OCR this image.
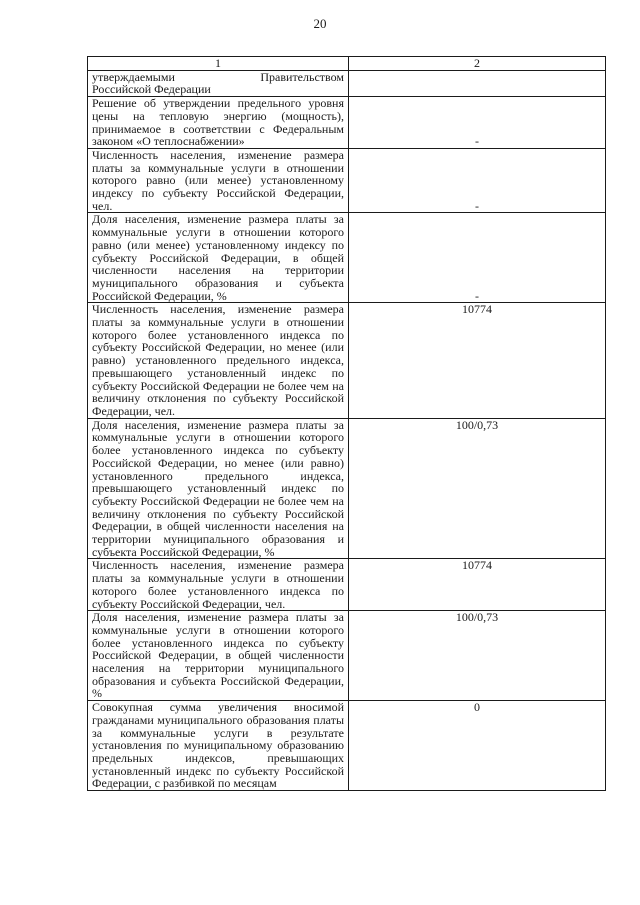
20
1	2

утверждаемыми Правительством
Российской Федерации	

Решение об утверждении предельного уровня цены на тепловую энергию (мощность), принимаемое в соответствии с Федеральным законом «О теплоснабжении»	-
Численность населения, изменение размера платы за коммунальные услуги в отношении которого равно (или менее) установленному индексу по субъекту Российской Федерации, чел.	-
Доля населения, изменение размера платы за коммунальные услуги в отношении которого равно (или менее) установленному индексу по субъекту Российской Федерации, в общей численности населения на территории муниципального образования и субъекта Российской Федерации, %	-
Численность населения, изменение размера платы за коммунальные услуги в отношении которого более установленного индекса по субъекту Российской Федерации, но менее (или равно) установленного предельного индекса, превышающего установленный индекс по субъекту Российской Федерации не более чем на величину отклонения по субъекту Российской Федерации, чел.	10774
Доля населения, изменение размера платы за коммунальные услуги в отношении которого более установленного индекса по субъекту Российской Федерации, но менее (или равно) установленного предельного индекса, превышающего установленный индекс по субъекту Российской Федерации не более чем на величину отклонения по субъекту Российской Федерации, в общей численности населения на территории муниципального образования и субъекта Российской Федерации, %	100/0,73
Численность населения, изменение размера платы за коммунальные услуги в отношении которого более установленного индекса по субъекту Российской Федерации, чел.	10774
Доля населения, изменение размера платы за коммунальные услуги в отношении которого более установленного индекса по субъекту Российской Федерации, в общей численности населения на территории муниципального образования и субъекта Российской Федерации, %	100/0,73
Совокупная сумма увеличения вносимой гражданами муниципального образования платы за коммунальные услуги в результате установления по муниципальному образованию предельных индексов, превышающих установленный индекс по субъекту Российской Федерации, с разбивкой по месяцам	0
